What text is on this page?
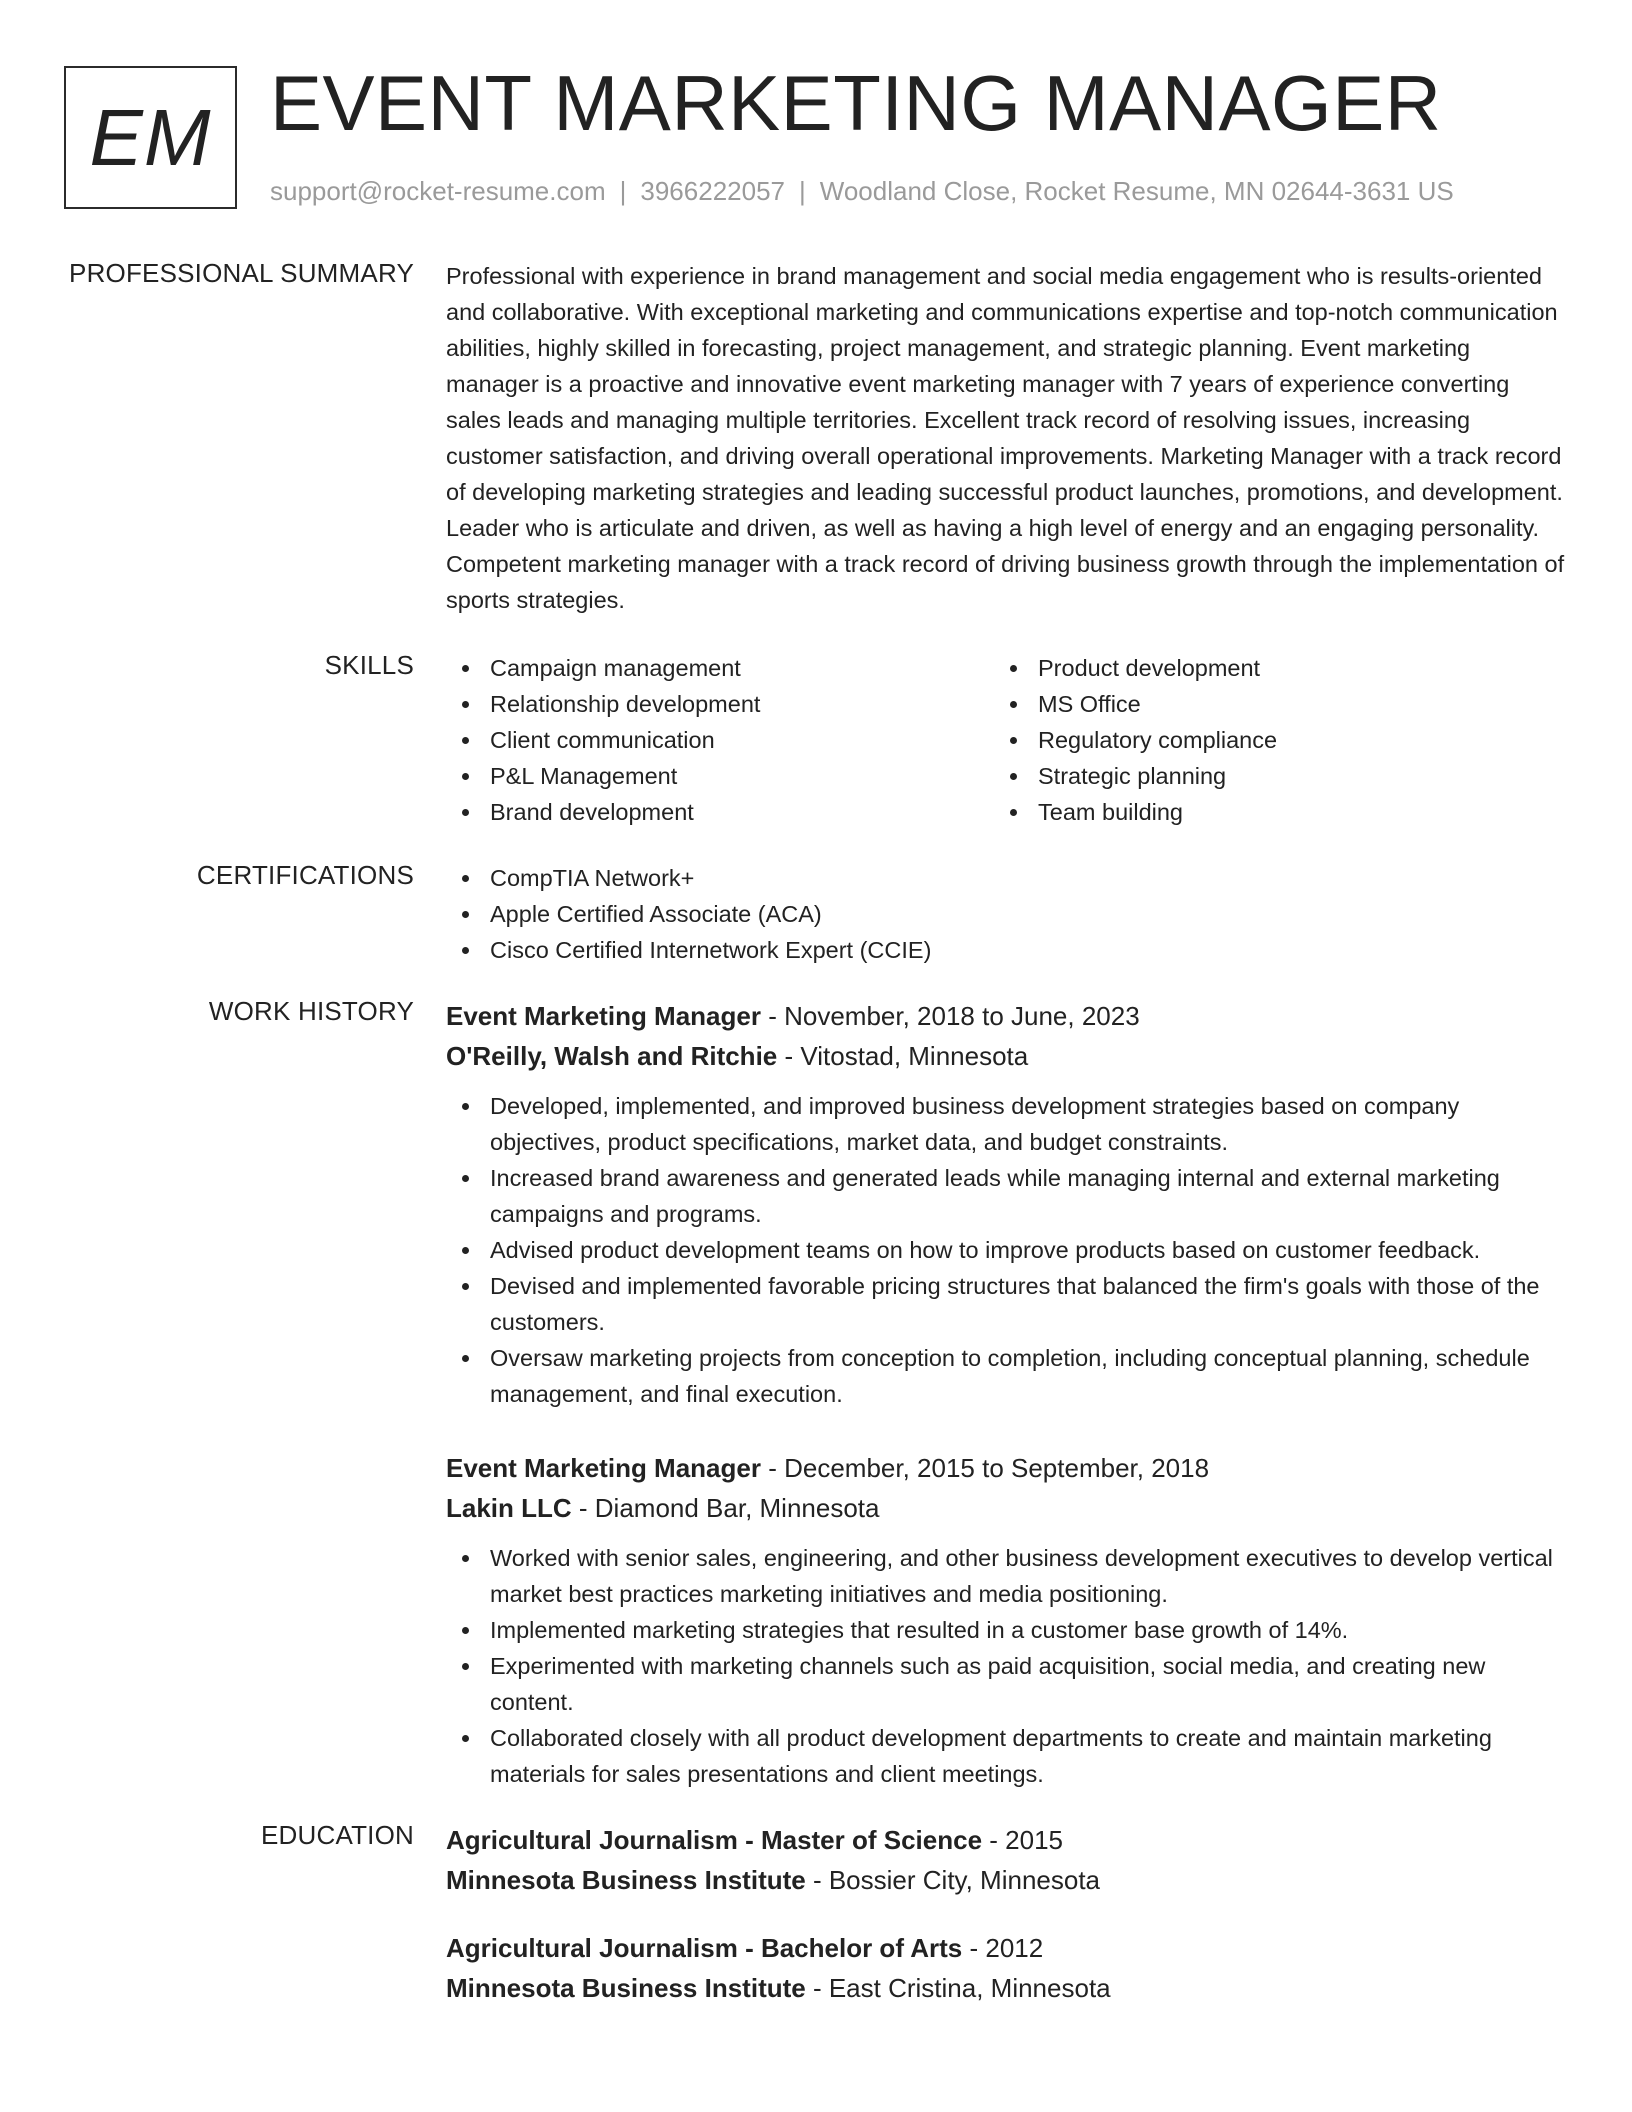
EM EVENT MARKETING MANAGER
support@rocket-resume.com | 3966222057 | Woodland Close, Rocket Resume, MN 02644-3631 US
PROFESSIONAL SUMMARY Professional with experience in brand management and social media engagement who is results-oriented and collaborative. With exceptional marketing and communications expertise and top-notch communication abilities, highly skilled in forecasting, project management, and strategic planning. Event marketing manager is a proactive and innovative event marketing manager with 7 years of experience converting sales leads and managing multiple territories. Excellent track record of resolving issues, increasing customer satisfaction, and driving overall operational improvements. Marketing Manager with a track record of developing marketing strategies and leading successful product launches, promotions, and development. Leader who is articulate and driven, as well as having a high level of energy and an engaging personality. Competent marketing manager with a track record of driving business growth through the implementation of sports strategies.

SKILLS	Campaign management
Relationship development
Client communication
P&L Management
Brand development
Product development
MS Office
Regulatory compliance
Strategic planning
Team building
CERTIFICATIONS	CompTIA Network+
Apple Certified Associate (ACA)
Cisco Certified Internetwork Expert (CCIE)
WORK HISTORY Event Marketing Manager - November, 2018 to June, 2023
O'Reilly, Walsh and Ritchie - Vitostad, Minnesota
Developed, implemented, and improved business development strategies based on company objectives, product specifications, market data, and budget constraints.
Increased brand awareness and generated leads while managing internal and external marketing campaigns and programs.
Advised product development teams on how to improve products based on customer feedback.
Devised and implemented favorable pricing structures that balanced the firm's goals with those of the customers.
Oversaw marketing projects from conception to completion, including conceptual planning, schedule management, and final execution.
Event Marketing Manager - December, 2015 to September, 2018
Lakin LLC - Diamond Bar, Minnesota
Worked with senior sales, engineering, and other business development executives to develop vertical market best practices marketing initiatives and media positioning.
Implemented marketing strategies that resulted in a customer base growth of 14%.
Experimented with marketing channels such as paid acquisition, social media, and creating new content.
Collaborated closely with all product development departments to create and maintain marketing materials for sales presentations and client meetings.
EDUCATION Agricultural Journalism - Master of Science - 2015
Minnesota Business Institute - Bossier City, Minnesota
Agricultural Journalism - Bachelor of Arts - 2012
Minnesota Business Institute - East Cristina, Minnesota
